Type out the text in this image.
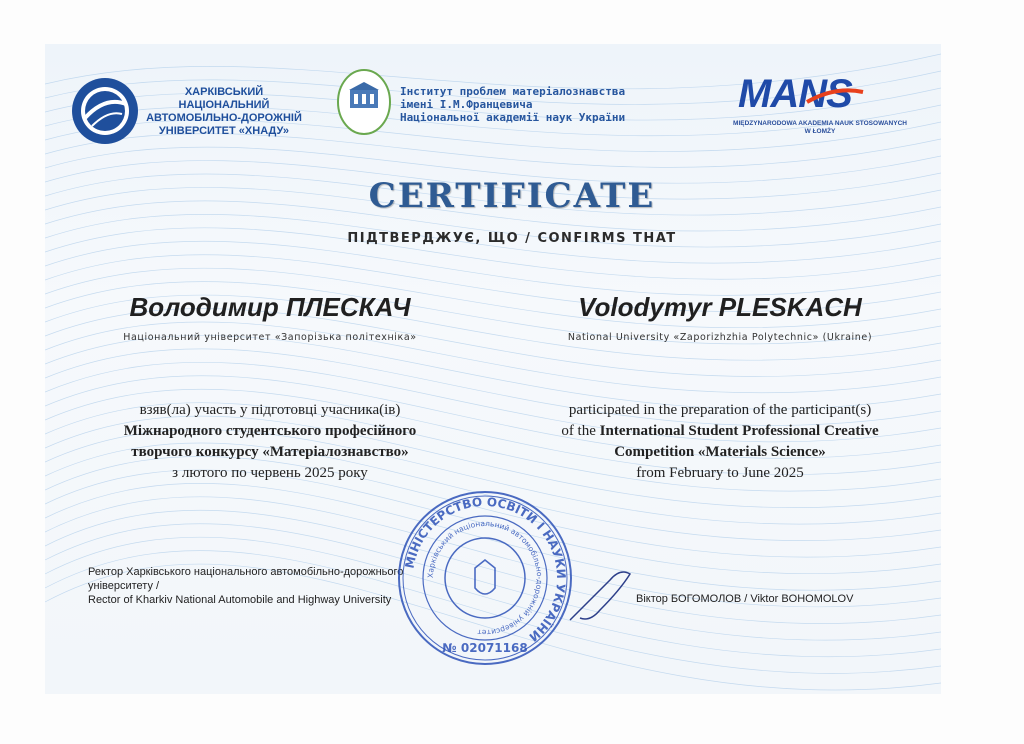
ХАРКІВСЬКИЙ НАЦІОНАЛЬНИЙ
АВТОМОБІЛЬНО-ДОРОЖНІЙ
УНІВЕРСИТЕТ «ХНАДУ»
Інститут проблем матеріалознавства
імені І.М.Францевича
Національної академії наук України
MANS
MIĘDZYNARODOWA AKADEMIA NAUK STOSOWANYCH
W ŁOMŻY
CERTIFICATE
ПІДТВЕРДЖУЄ, ЩО / CONFIRMS THAT
Володимир ПЛЕСКАЧ	Volodymyr PLESKACH
Національний університет «Запорізька політехніка»	National University «Zaporizhzhia Polytechnic» (Ukraine)
взяв(ла) участь у підготовці учасника(ів)
Міжнародного студентського професійного
творчого конкурсу «Матеріалознавство»
з лютого по червень 2025 року
participated in the preparation of the participant(s)
of the International Student Professional Creative
Competition «Materials Science»
from February to June 2025
Ректор Харківського національного автомобільно-дорожнього
університету /
Rector of Kharkiv National Automobile and Highway University	Віктор БОГОМОЛОВ / Viktor BOHOMOLOV
МІНІСТЕРСТВО ОСВІТИ І НАУКИ УКРАЇНИ
Харківський національний автомобільно-дорожній університет
№ 02071168
